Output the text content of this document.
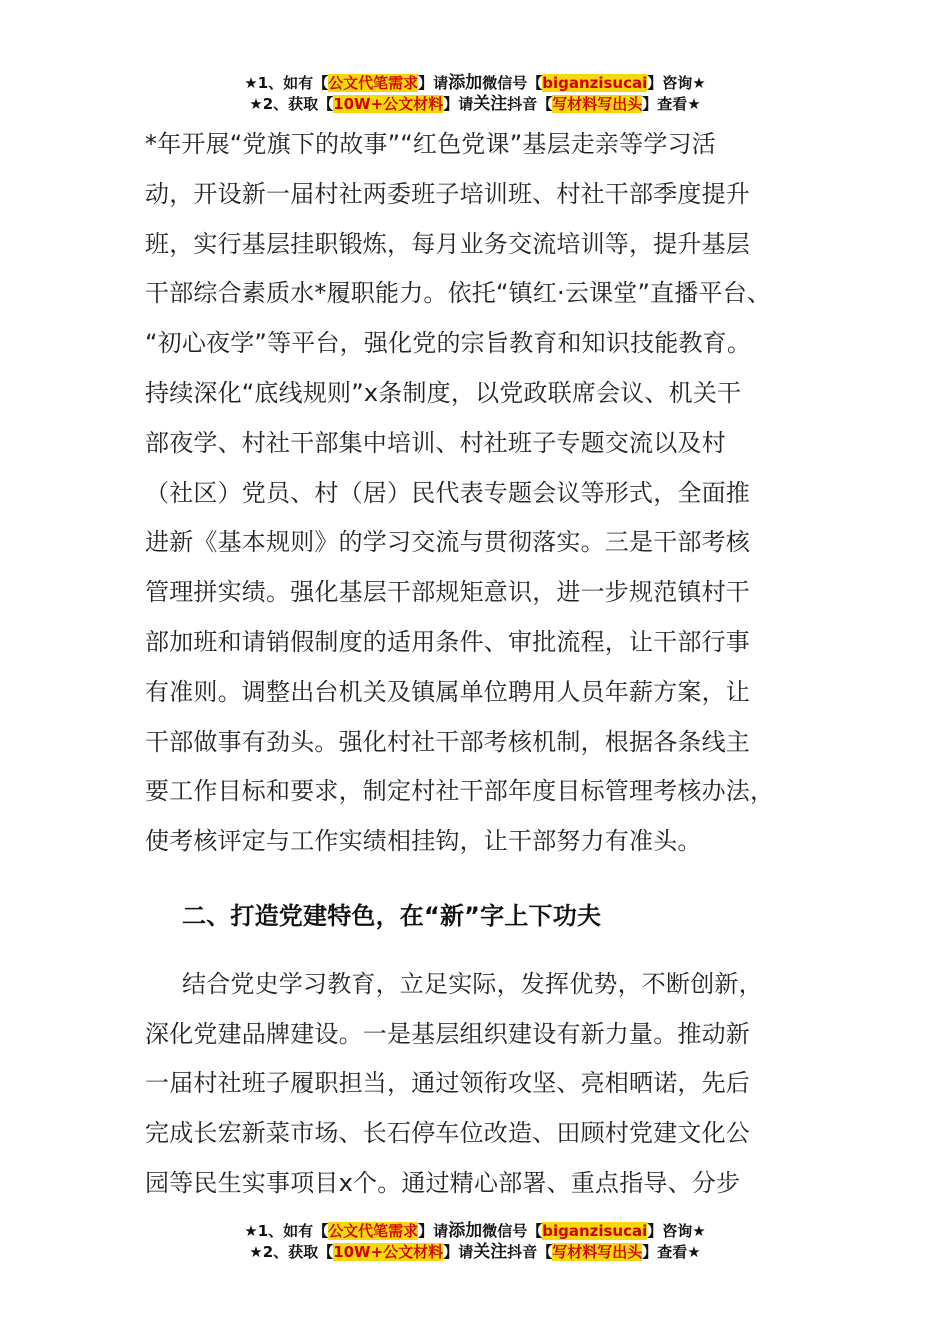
★1、如有【公文代笔需求】请添加微信号【biganzisucai】咨询★
★2、获取【10W+公文材料】请关注抖音【写材料写出头】查看★

*年开展“党旗下的故事”“红色党课”基层走亲等学习活

动，开设新一届村社两委班子培训班、村社干部季度提升

班，实行基层挂职锻炼，每月业务交流培训等，提升基层

干部综合素质水*履职能力。依托“镇红·云课堂”直播平台、

“初心夜学”等平台，强化党的宗旨教育和知识技能教育。

持续深化“底线规则”x条制度，以党政联席会议、机关干

部夜学、村社干部集中培训、村社班子专题交流以及村

（社区）党员、村（居）民代表专题会议等形式，全面推

进新《基本规则》的学习交流与贯彻落实。三是干部考核

管理拼实绩。强化基层干部规矩意识，进一步规范镇村干

部加班和请销假制度的适用条件、审批流程，让干部行事

有准则。调整出台机关及镇属单位聘用人员年薪方案，让

干部做事有劲头。强化村社干部考核机制，根据各条线主

要工作目标和要求，制定村社干部年度目标管理考核办法，

使考核评定与工作实绩相挂钩，让干部努力有准头。

二、打造党建特色，在“新”字上下功夫

结合党史学习教育，立足实际，发挥优势，不断创新，

深化党建品牌建设。一是基层组织建设有新力量。推动新

一届村社班子履职担当，通过领衔攻坚、亮相晒诺，先后

完成长宏新菜市场、长石停车位改造、田顾村党建文化公

园等民生实事项目x个。通过精心部署、重点指导、分步

★1、如有【公文代笔需求】请添加微信号【biganzisucai】咨询★
★2、获取【10W+公文材料】请关注抖音【写材料写出头】查看★
